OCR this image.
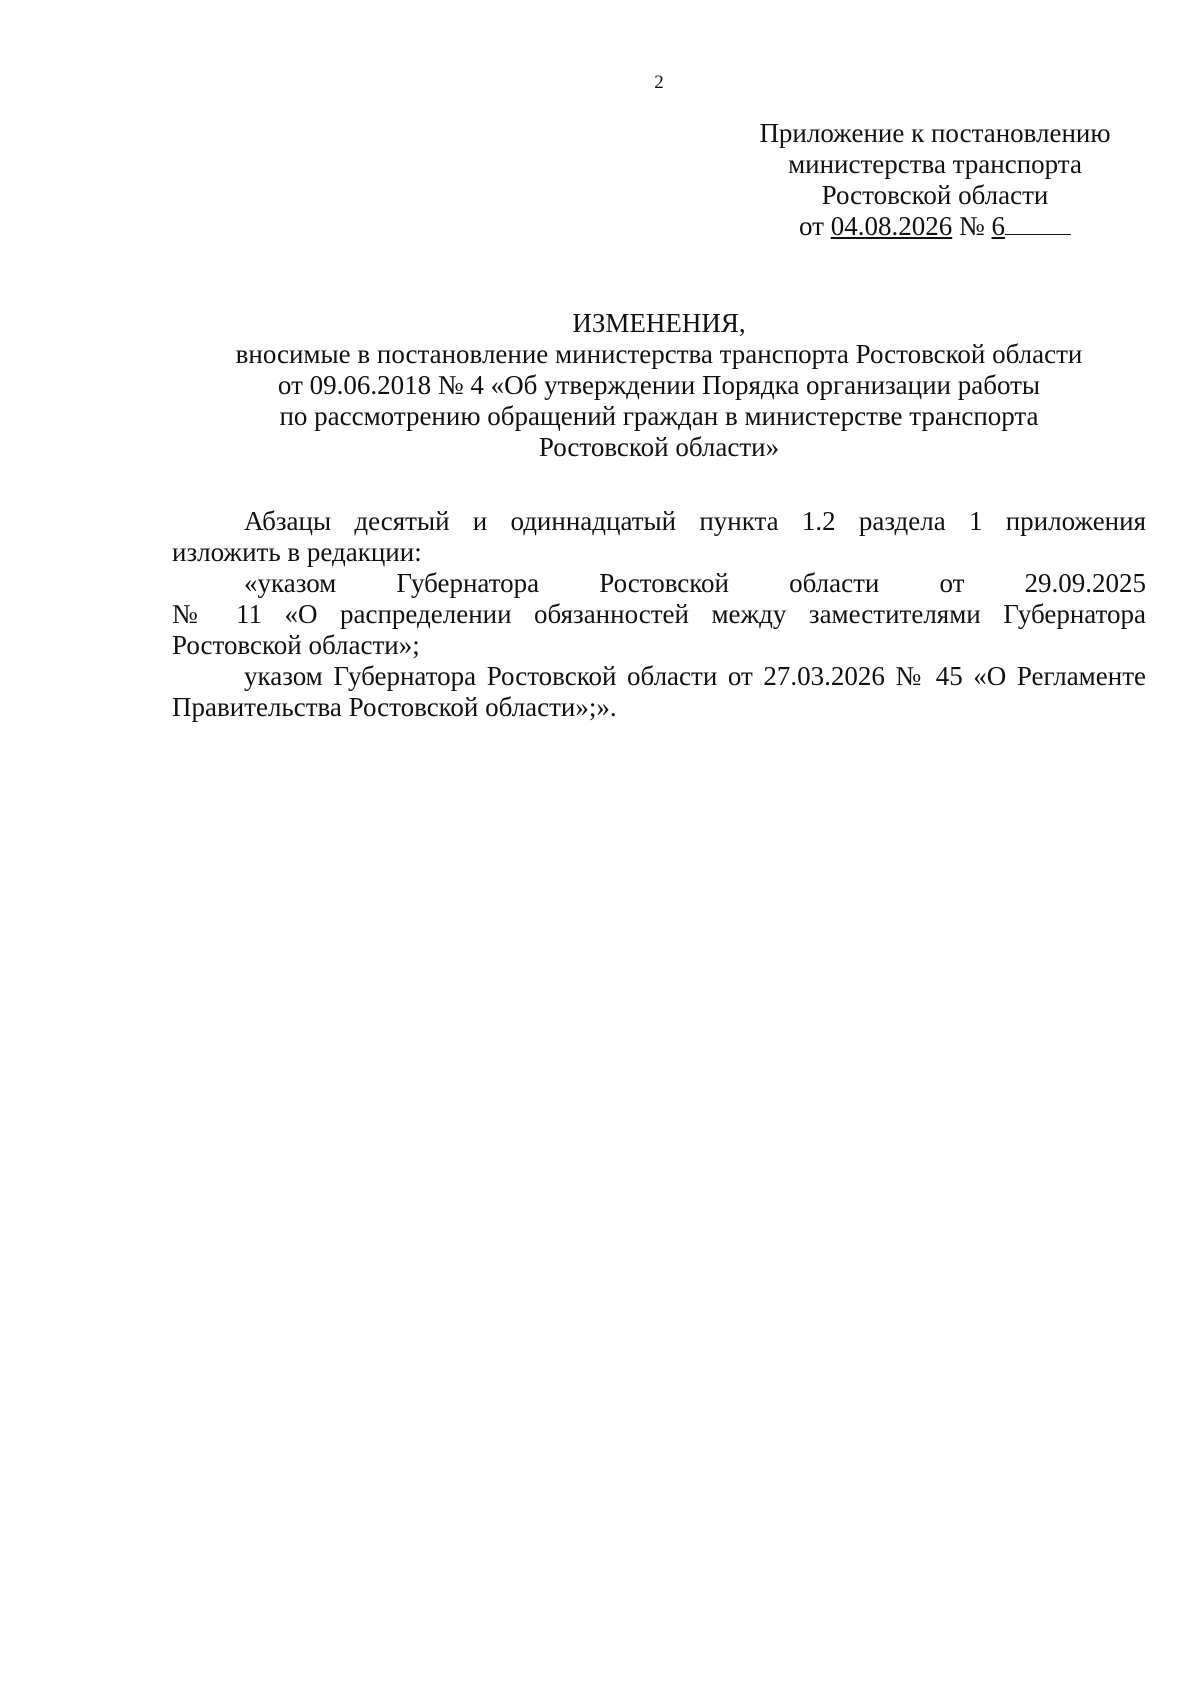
2
Приложение к постановлению
министерства транспорта
Ростовской области
от 04.08.2026 № 6
ИЗМЕНЕНИЯ,
вносимые в постановление министерства транспорта Ростовской области
от 09.06.2018 № 4 «Об утверждении Порядка организации работы
по рассмотрению обращений граждан в министерстве транспорта
Ростовской области»

Абзацы десятый и одиннадцатый пункта 1.2 раздела 1 приложения
изложить в редакции:

«указом Губернатора Ростовской области от 29.09.2025
№ 11 «О распределении обязанностей между заместителями Губернатора
Ростовской области»;

указом Губернатора Ростовской области от 27.03.2026 № 45 «О Регламенте
Правительства Ростовской области»;».
